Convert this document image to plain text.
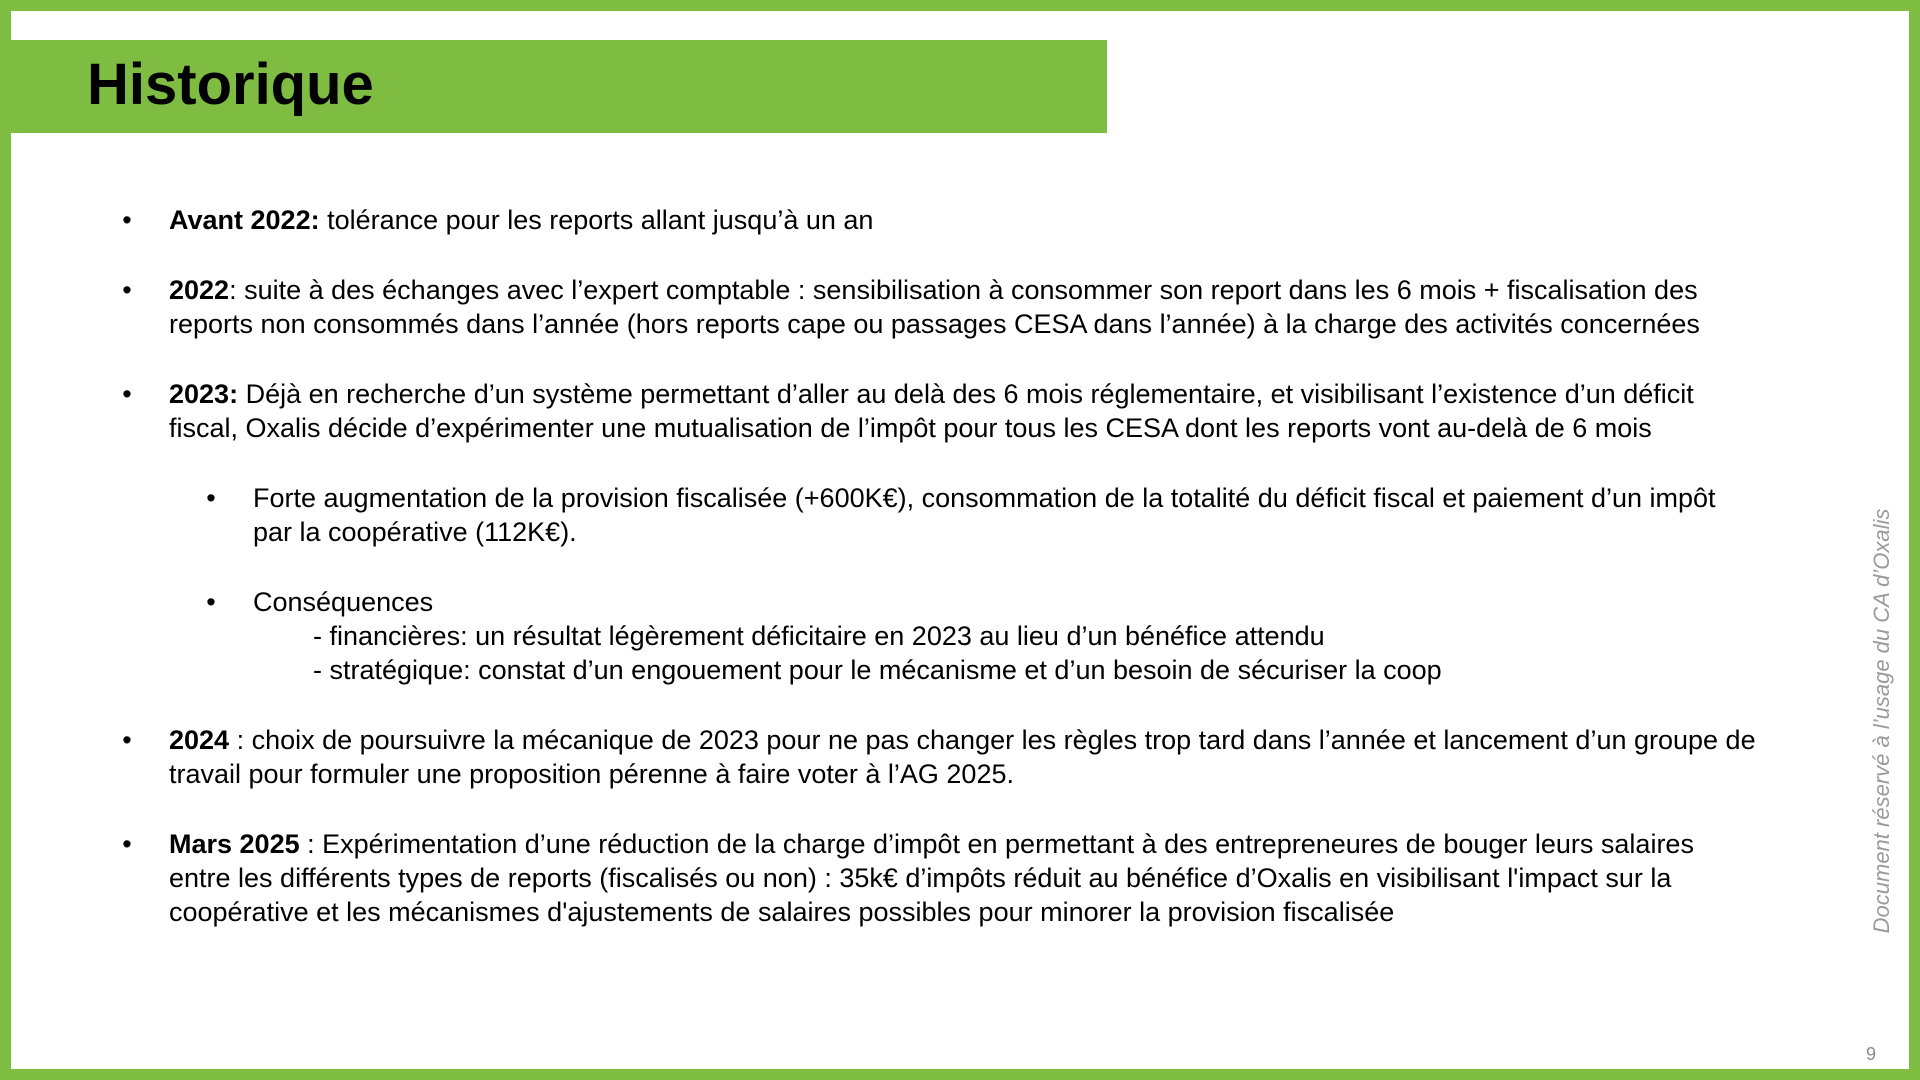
Historique
• Avant 2022: tolérance pour les reports allant jusqu’à un an
• 2022: suite à des échanges avec l’expert comptable : sensibilisation à consommer son report dans les 6 mois + fiscalisation des reports non consommés dans l’année (hors reports cape ou passages CESA dans l’année) à la charge des activités concernées
• 2023: Déjà en recherche d’un système permettant d’aller au delà des 6 mois réglementaire, et visibilisant l’existence d’un déficit fiscal, Oxalis décide d’expérimenter une mutualisation de l’impôt pour tous les CESA dont les reports vont au-delà de 6 mois
• Forte augmentation de la provision fiscalisée (+600K€), consommation de la totalité du déficit fiscal et paiement d’un impôt par la coopérative (112K€).
• Conséquences
- financières: un résultat légèrement déficitaire en 2023 au lieu d’un bénéfice attendu
- stratégique: constat d’un engouement pour le mécanisme et d’un besoin de sécuriser la coop
• 2024 : choix de poursuivre la mécanique de 2023 pour ne pas changer les règles trop tard dans l’année et lancement d’un groupe de travail pour formuler une proposition pérenne à faire voter à l’AG 2025.
• Mars 2025 : Expérimentation d’une réduction de la charge d’impôt en permettant à des entrepreneures de bouger leurs salaires entre les différents types de reports (fiscalisés ou non) : 35k€ d’impôts réduit au bénéfice d’Oxalis en visibilisant l'impact sur la coopérative et les mécanismes d'ajustements de salaires possibles pour minorer la provision fiscalisée	Document réservé à l’usage du CA d’Oxalis
9
